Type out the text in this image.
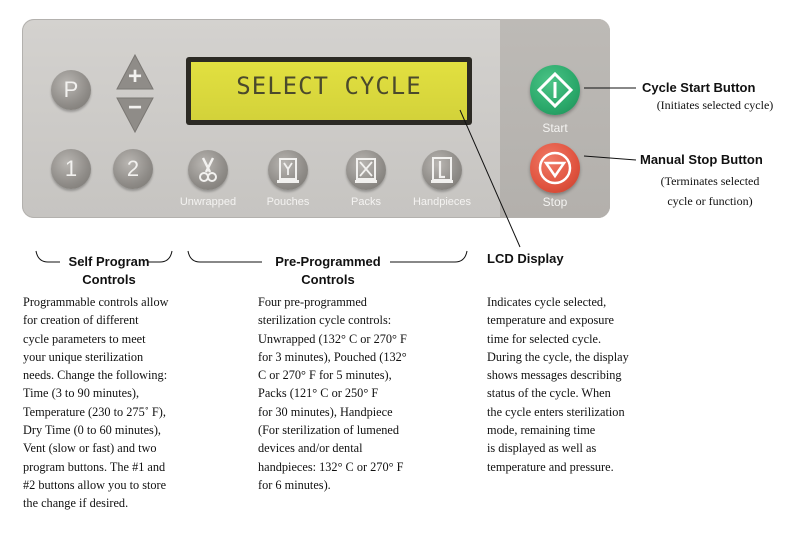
P	+
−
1 2
SELECT CYCLE
Unwrapped	Pouches	Packs	Handpieces
Start
Stop
Cycle Start Button
(Initiates selected cycle)
Manual Stop Button
(Terminates selected
cycle or function)
LCD Display
Self Program
Controls
Pre-Programmed
Controls
Programmable controls allow
for creation of different
cycle parameters to meet
your unique sterilization
needs. Change the following:
Time (3 to 90 minutes),
Temperature (230 to 275˚ F),
Dry Time (0 to 60 minutes),
Vent (slow or fast) and two
program buttons. The #1 and
#2 buttons allow you to store
the change if desired.
Four pre-programmed
sterilization cycle controls:
Unwrapped (132° C or 270° F
for 3 minutes), Pouched (132°
C or 270° F for 5 minutes),
Packs (121° C or 250° F
for 30 minutes), Handpiece
(For sterilization of lumened
devices and/or dental
handpieces: 132° C or 270° F
for 6 minutes).
Indicates cycle selected,
temperature and exposure
time for selected cycle.
During the cycle, the display
shows messages describing
status of the cycle. When
the cycle enters sterilization
mode, remaining time
is displayed as well as
temperature and pressure.
